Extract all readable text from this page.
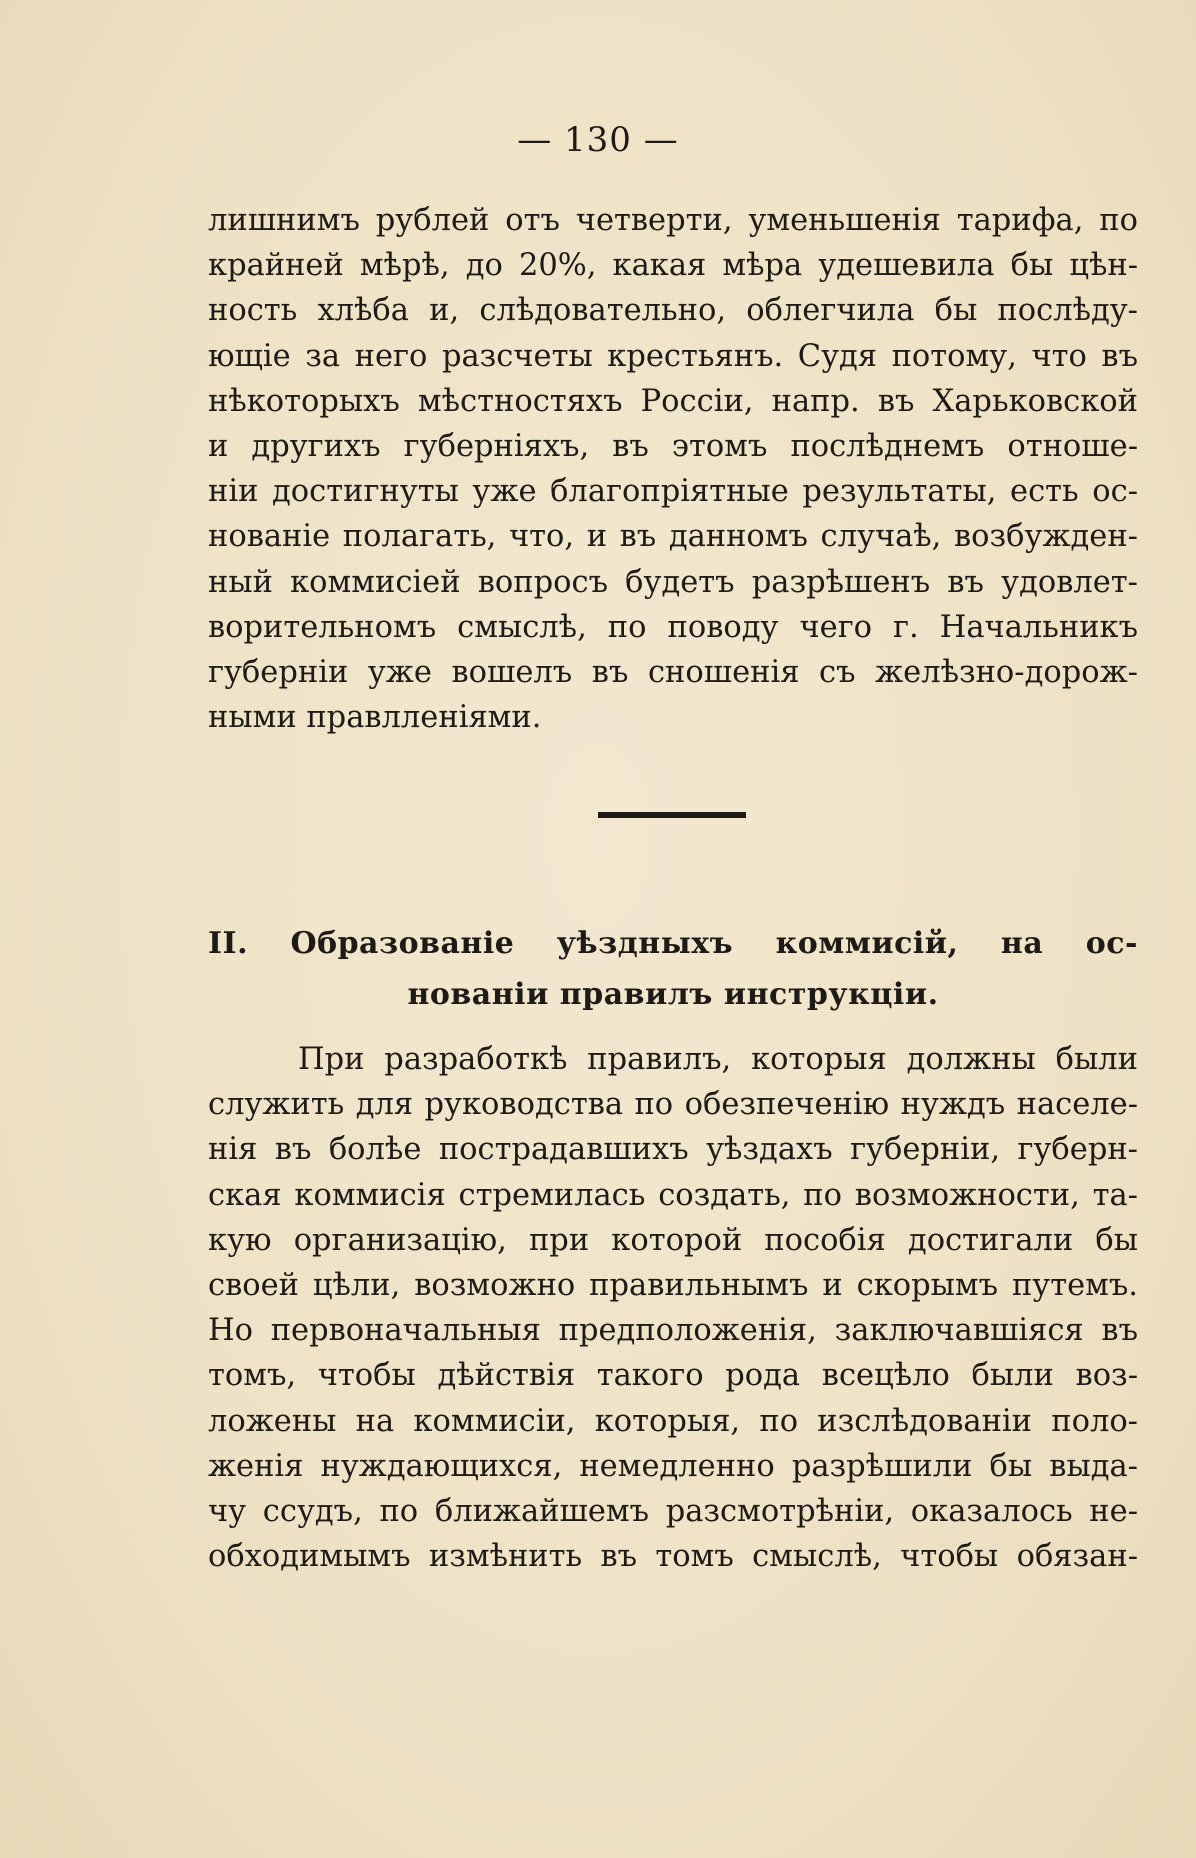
— 130 —
лишнимъ рублей отъ четверти, уменьшенія тарифа, по
крайней мѣрѣ, до 20%, какая мѣра удешевила бы цѣн-
ность хлѣба и, слѣдовательно, облегчила бы послѣду-
ющіе за него разсчеты крестьянъ. Судя потому, что въ
нѣкоторыхъ мѣстностяхъ Россіи, напр. въ Харьковской
и другихъ губерніяхъ, въ этомъ послѣднемъ отноше-
ніи достигнуты уже благопріятные результаты, есть ос-
нованіе полагать, что, и въ данномъ случаѣ, возбужден-
ный коммисіей вопросъ будетъ разрѣшенъ въ удовлет-
ворительномъ смыслѣ, по поводу чего г. Начальникъ
губерніи уже вошелъ въ сношенія съ желѣзно-дорож-
ными правлленіями.
II. Образованіе уѣздныхъ коммисій, на ос-
нованіи правилъ инструкціи.
При разработкѣ правилъ, которыя должны были
служить для руководства по обезпеченію нуждъ населе-
нія въ болѣе пострадавшихъ уѣздахъ губерніи, губерн-
ская коммисія стремилась создать, по возможности, та-
кую организацію, при которой пособія достигали бы
своей цѣли, возможно правильнымъ и скорымъ путемъ.
Но первоначальныя предположенія, заключавшіяся въ
томъ, чтобы дѣйствія такого рода всецѣло были воз-
ложены на коммисіи, которыя, по изслѣдованіи поло-
женія нуждающихся, немедленно разрѣшили бы выда-
чу ссудъ, по ближайшемъ разсмотрѣніи, оказалось не-
обходимымъ измѣнить въ томъ смыслѣ, чтобы обязан-
